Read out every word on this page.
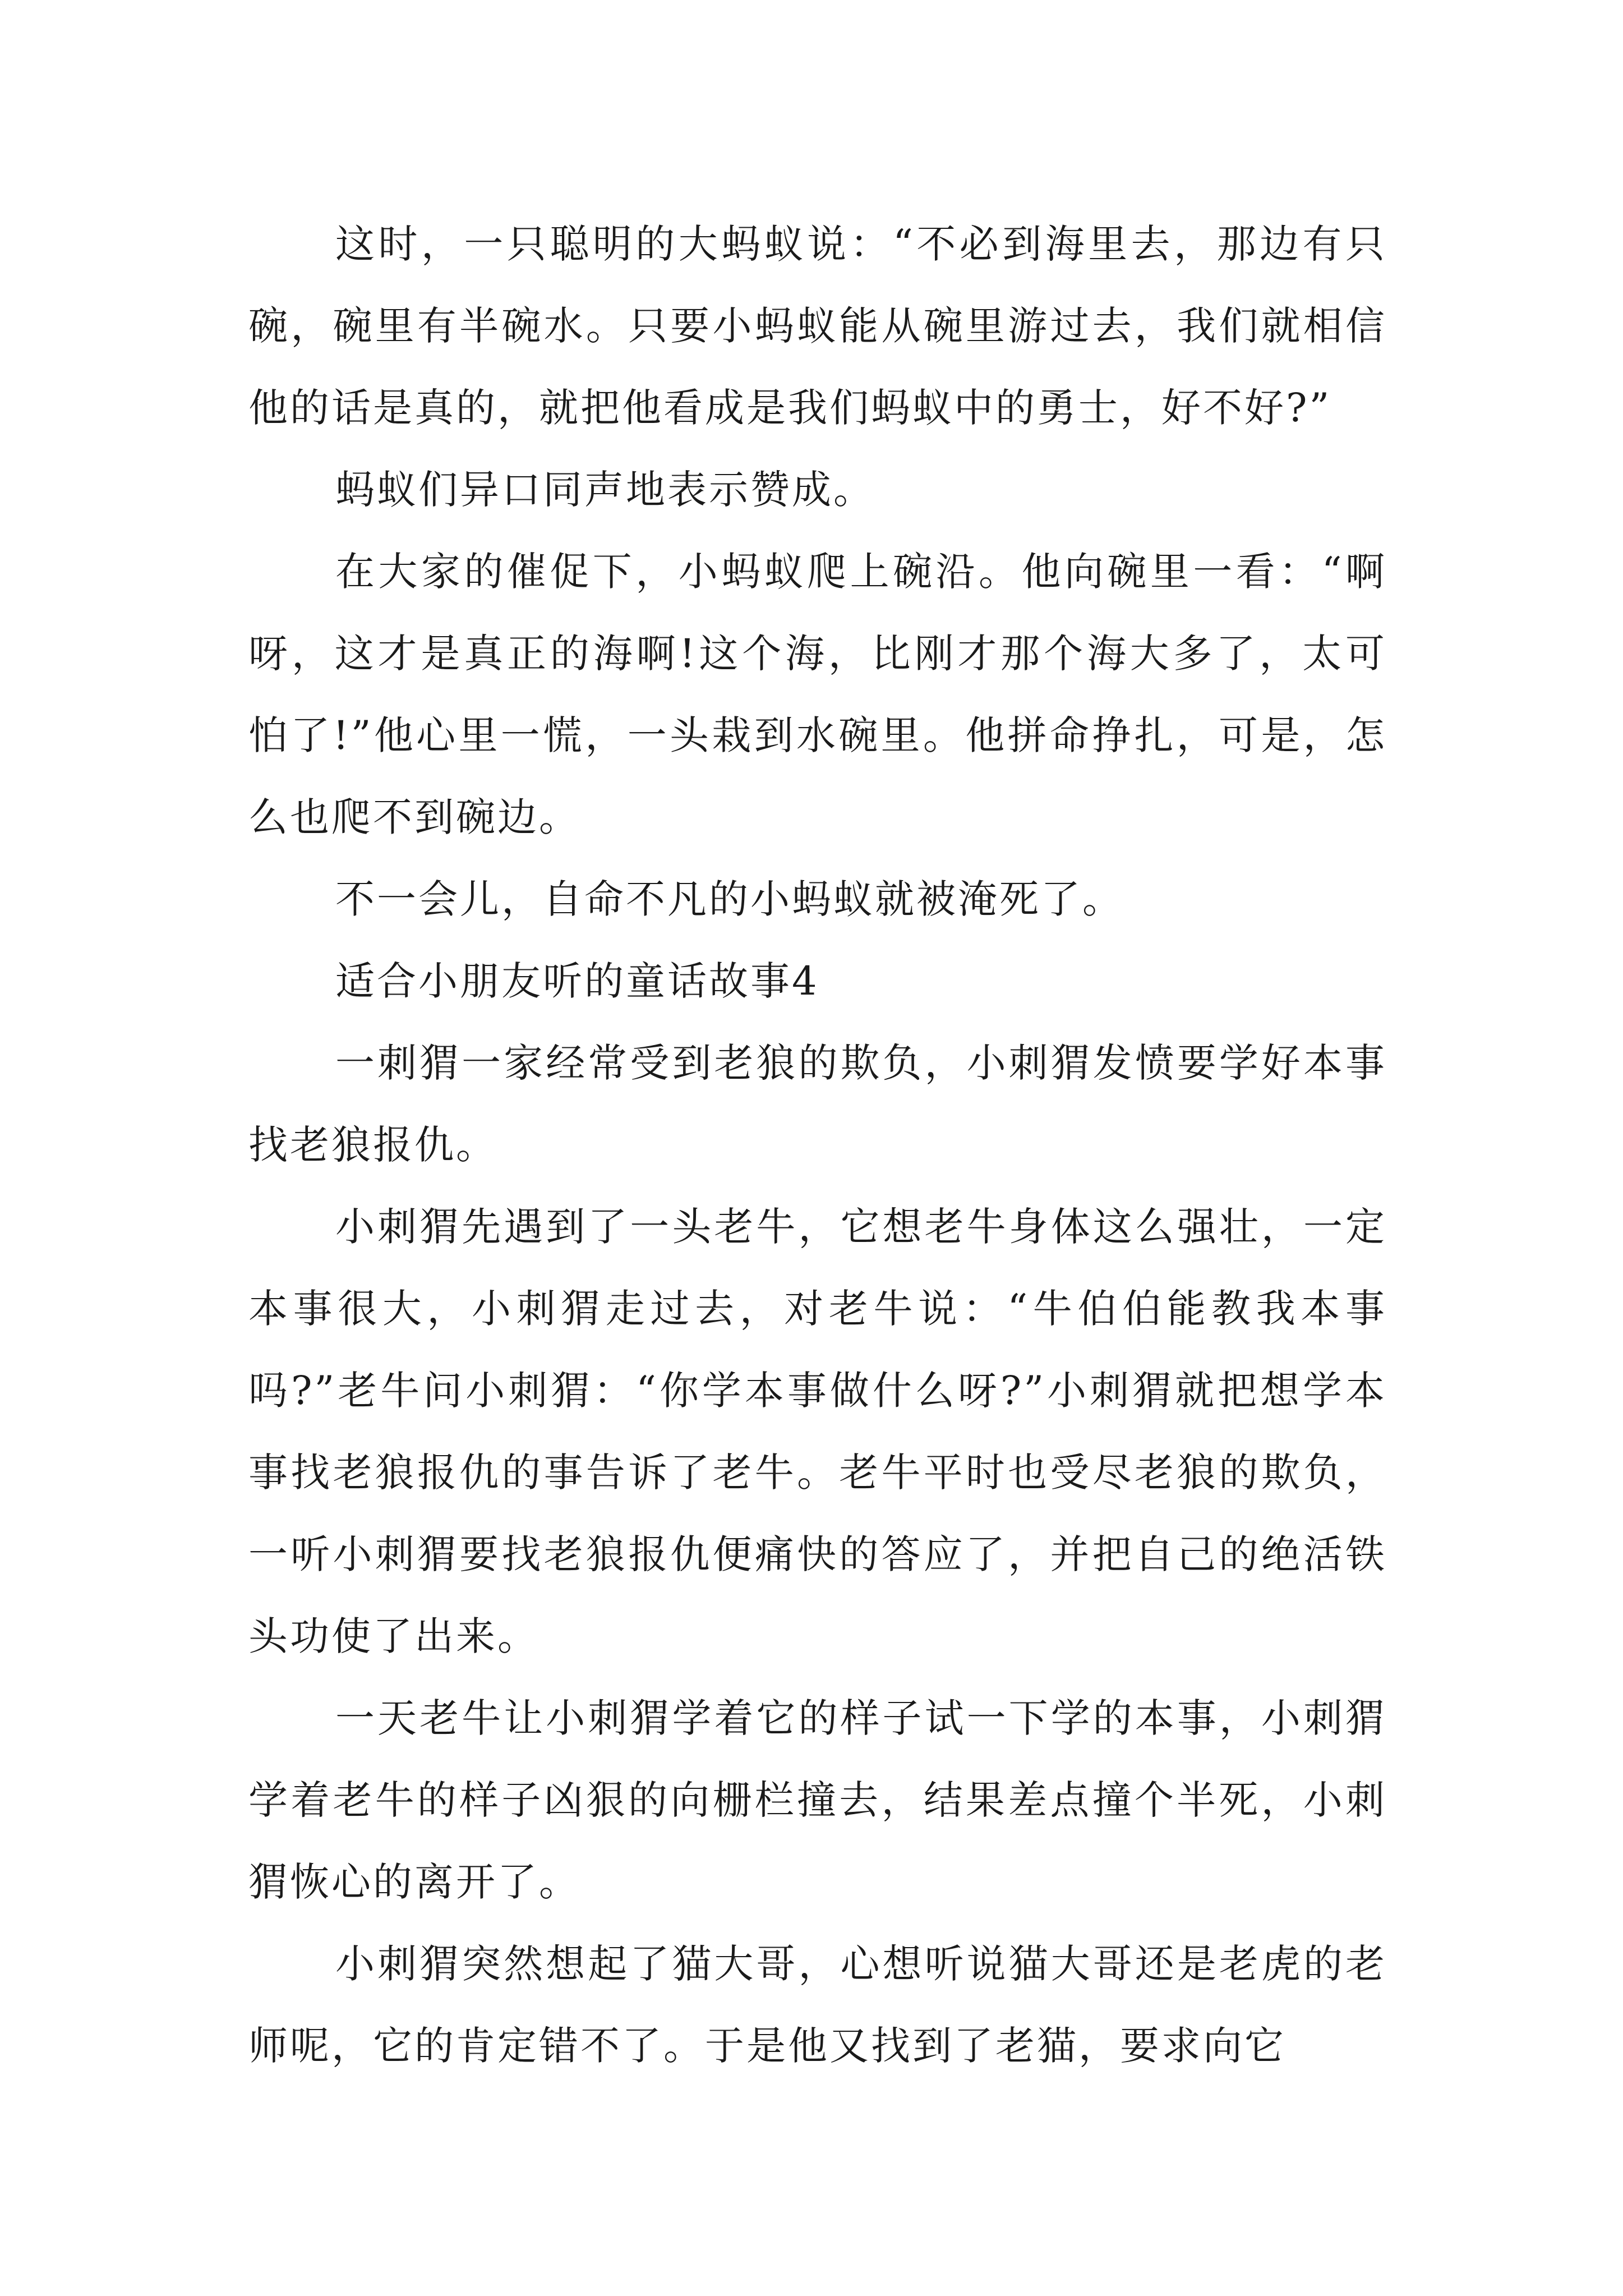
这时，一只聪明的大蚂蚁说：“不必到海里去，那边有只碗，碗里有半碗水。只要小蚂蚁能从碗里游过去，我们就相信他的话是真的，就把他看成是我们蚂蚁中的勇士，好不好?”

蚂蚁们异口同声地表示赞成。

在大家的催促下，小蚂蚁爬上碗沿。他向碗里一看：“啊呀，这才是真正的海啊!这个海，比刚才那个海大多了，太可怕了!”他心里一慌，一头栽到水碗里。他拼命挣扎，可是，怎么也爬不到碗边。

不一会儿，自命不凡的小蚂蚁就被淹死了。

适合小朋友听的童话故事4

一刺猬一家经常受到老狼的欺负，小刺猬发愤要学好本事找老狼报仇。

小刺猬先遇到了一头老牛，它想老牛身体这么强壮，一定本事很大，小刺猬走过去，对老牛说：“牛伯伯能教我本事吗?”老牛问小刺猬：“你学本事做什么呀?”小刺猬就把想学本事找老狼报仇的事告诉了老牛。老牛平时也受尽老狼的欺负，一听小刺猬要找老狼报仇便痛快的答应了，并把自己的绝活铁头功使了出来。

一天老牛让小刺猬学着它的样子试一下学的本事，小刺猬学着老牛的样子凶狠的向栅栏撞去，结果差点撞个半死，小刺猬恢心的离开了。

小刺猬突然想起了猫大哥，心想听说猫大哥还是老虎的老师呢，它的肯定错不了。于是他又找到了老猫，要求向它
